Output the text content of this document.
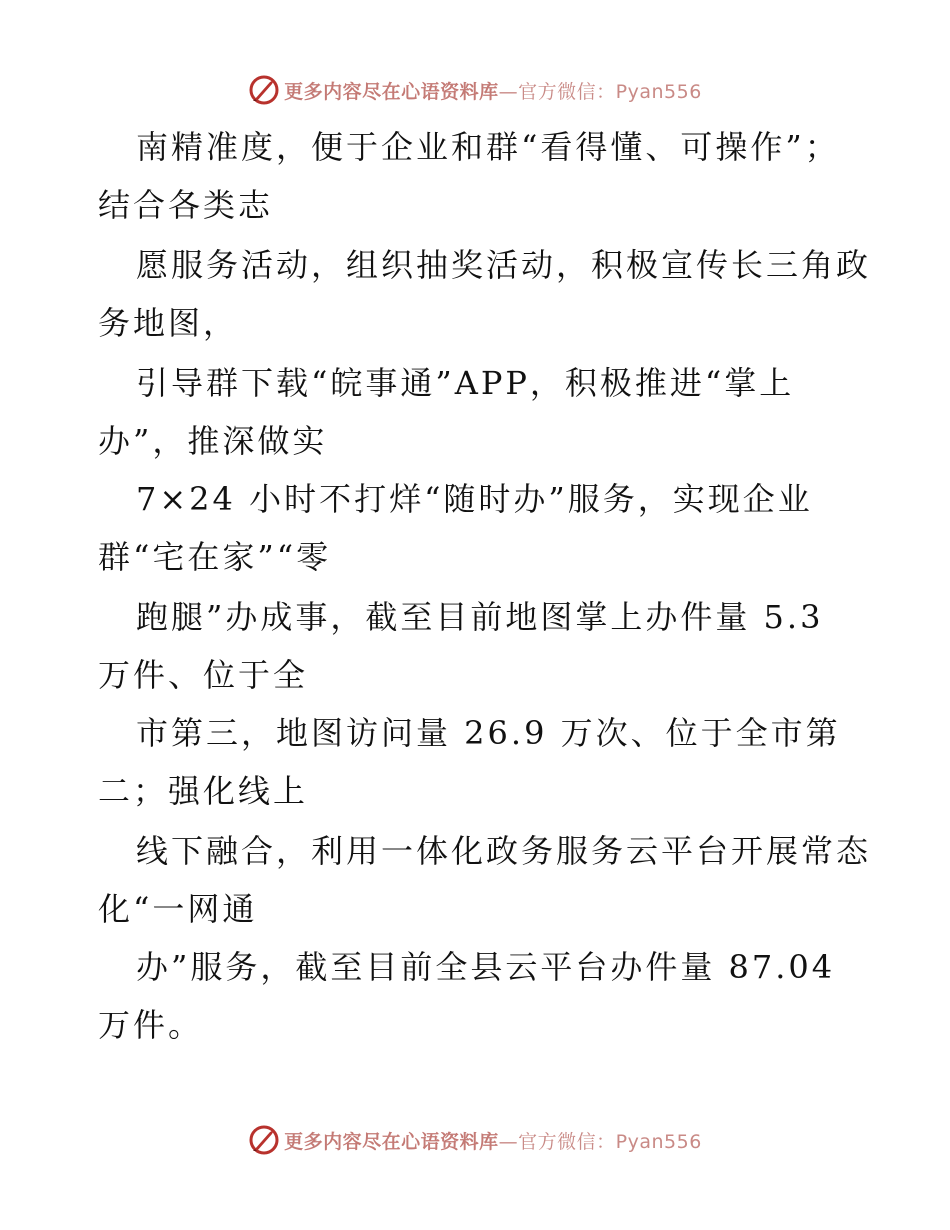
更多内容尽在心语资料库—官方微信：Pyan556
南精准度，便于企业和群“看得懂、可操作”；
结合各类志
愿服务活动，组织抽奖活动，积极宣传长三角政
务地图，
引导群下载“皖事通”APP，积极推进“掌上
办”，推深做实
7×24 小时不打烊“随时办”服务，实现企业
群“宅在家”“零
跑腿”办成事，截至目前地图掌上办件量 5.3
万件、位于全
市第三，地图访问量 26.9 万次、位于全市第
二；强化线上
线下融合，利用一体化政务服务云平台开展常态
化“一网通
办”服务，截至目前全县云平台办件量 87.04
万件。
更多内容尽在心语资料库—官方微信：Pyan556
